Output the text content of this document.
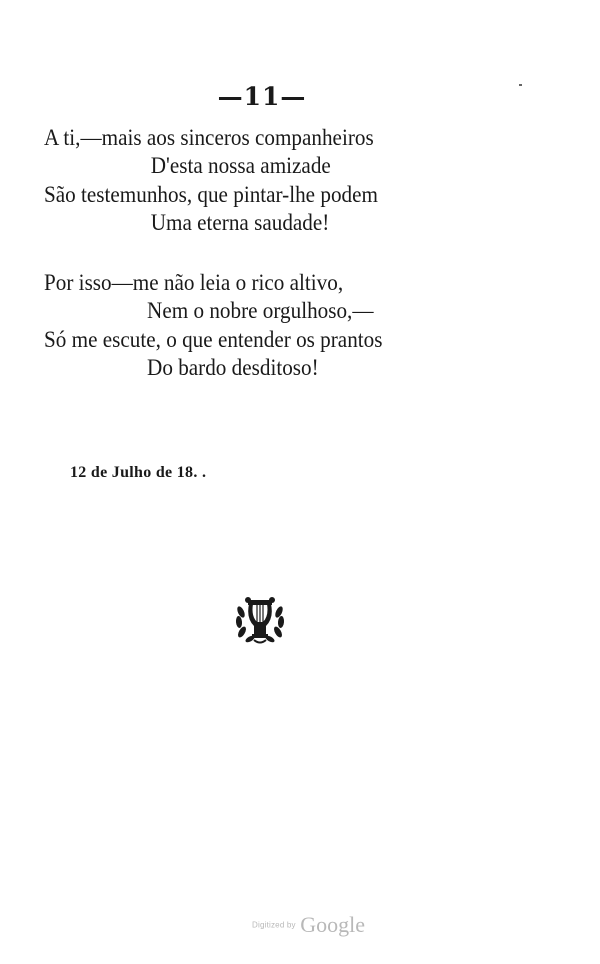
—11—
A ti,—mais aos sinceros companheiros
D'esta nossa amizade
São testemunhos, que pintar-lhe podem
Uma eterna saudade!
Por isso—me não leia o rico altivo,
Nem o nobre orgulhoso,—
Só me escute, o que entender os prantos
Do bardo desditoso!
12 de Julho de 18. .
Digitized by Google
